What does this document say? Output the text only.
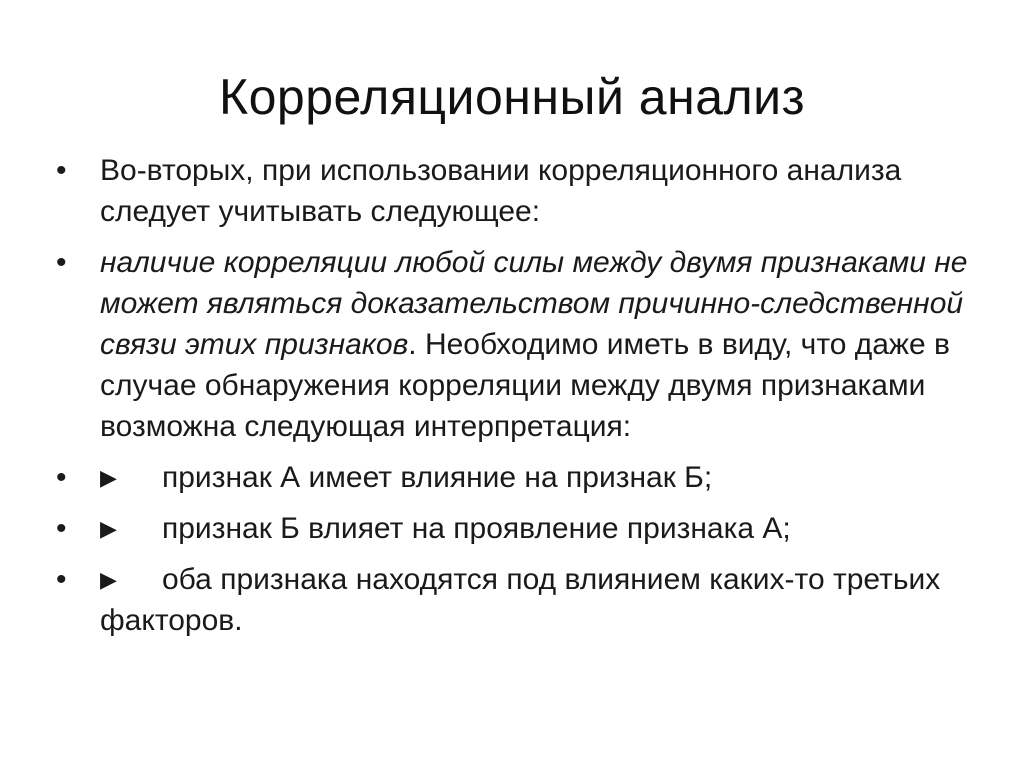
Корреляционный анализ
•	Во-вторых, при использовании корреляционного анализа следует учитывать следующее:
•	наличие корреляции любой силы между двумя признаками не может являться доказательством причинно-следственной связи этих признаков. Необходимо иметь в виду, что даже в случае обнаружения корреляции между двумя признаками возможна следующая интерпретация:
•	▶ признак А имеет влияние на признак Б;
•	▶ признак Б влияет на проявление признака А;
•	▶ оба признака находятся под влиянием каких-то третьих факторов.
